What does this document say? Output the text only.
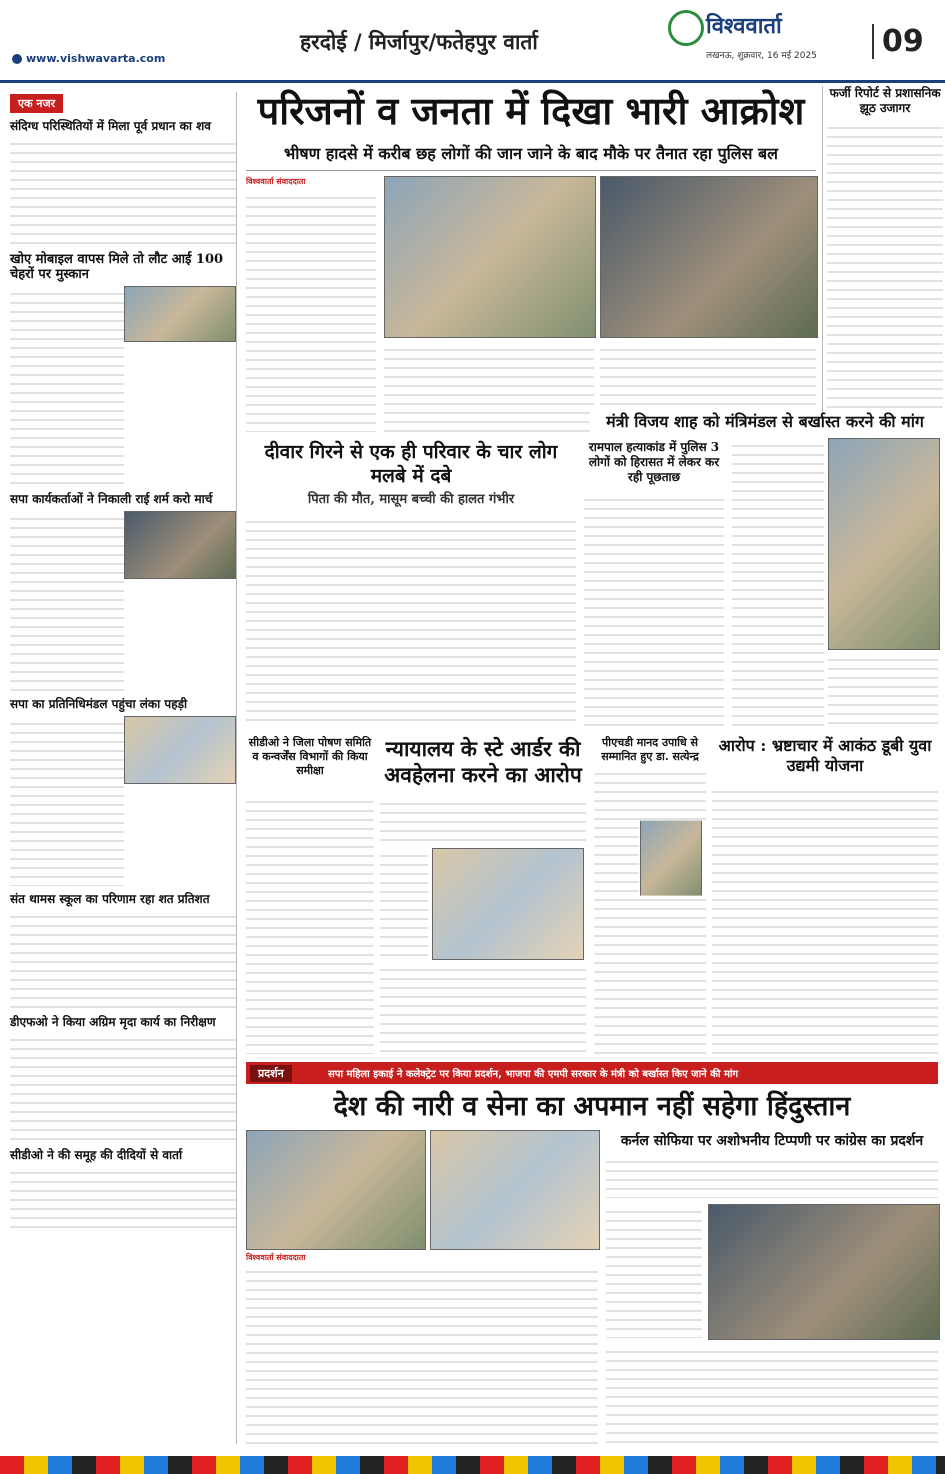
www.vishwavarta.com
हरदोई / मिर्जापुर/फतेहपुर वार्ता
विश्ववार्ता
लखनऊ, शुक्रवार, 16 मई 2025	09
एक नजर
संदिग्ध परिस्थितियों में मिला पूर्व प्रधान का शव
खोए मोबाइल वापस मिले तो लौट आई 100 चेहरों पर मुस्कान
सपा कार्यकर्ताओं ने निकाली राई शर्म करो मार्च
सपा का प्रतिनिधिमंडल पहुंचा लंका पहड़ी
संत थामस स्कूल का परिणाम रहा शत प्रतिशत
डीएफओ ने किया अग्रिम मृदा कार्य का निरीक्षण
सीडीओ ने की समूह की दीदियों से वार्ता
परिजनों व जनता में दिखा भारी आक्रोश
भीषण हादसे में करीब छह लोगों की जान जाने के बाद मौके पर तैनात रहा पुलिस बल
विश्ववार्ता संवाददाता
फर्जी रिपोर्ट से प्रशासनिक झूठ उजागर
दीवार गिरने से एक ही परिवार के चार लोग मलबे में दबे
पिता की मौत, मासूम बच्ची की हालत गंभीर
रामपाल हत्याकांड में पुलिस 3 लोगों को हिरासत में लेकर कर रही पूछताछ
मंत्री विजय शाह को मंत्रिमंडल से बर्खास्त करने की मांग
सीडीओ ने जिला पोषण समिति व कन्वर्जेंस विभागों की किया समीक्षा
न्यायालय के स्टे आर्डर की अवहेलना करने का आरोप
पीएचडी मानद उपाधि से सम्मानित हुए डा. सत्येन्द्र
आरोप : भ्रष्टाचार में आकंठ डूबी युवा उद्यमी योजना
प्रदर्शन	सपा महिला इकाई ने कलेक्ट्रेट पर किया प्रदर्शन, भाजपा की एमपी सरकार के मंत्री को बर्खास्त किए जाने की मांग
देश की नारी व सेना का अपमान नहीं सहेगा हिंदुस्तान
विश्ववार्ता संवाददाता
कर्नल सोफिया पर अशोभनीय टिप्पणी पर कांग्रेस का प्रदर्शन
